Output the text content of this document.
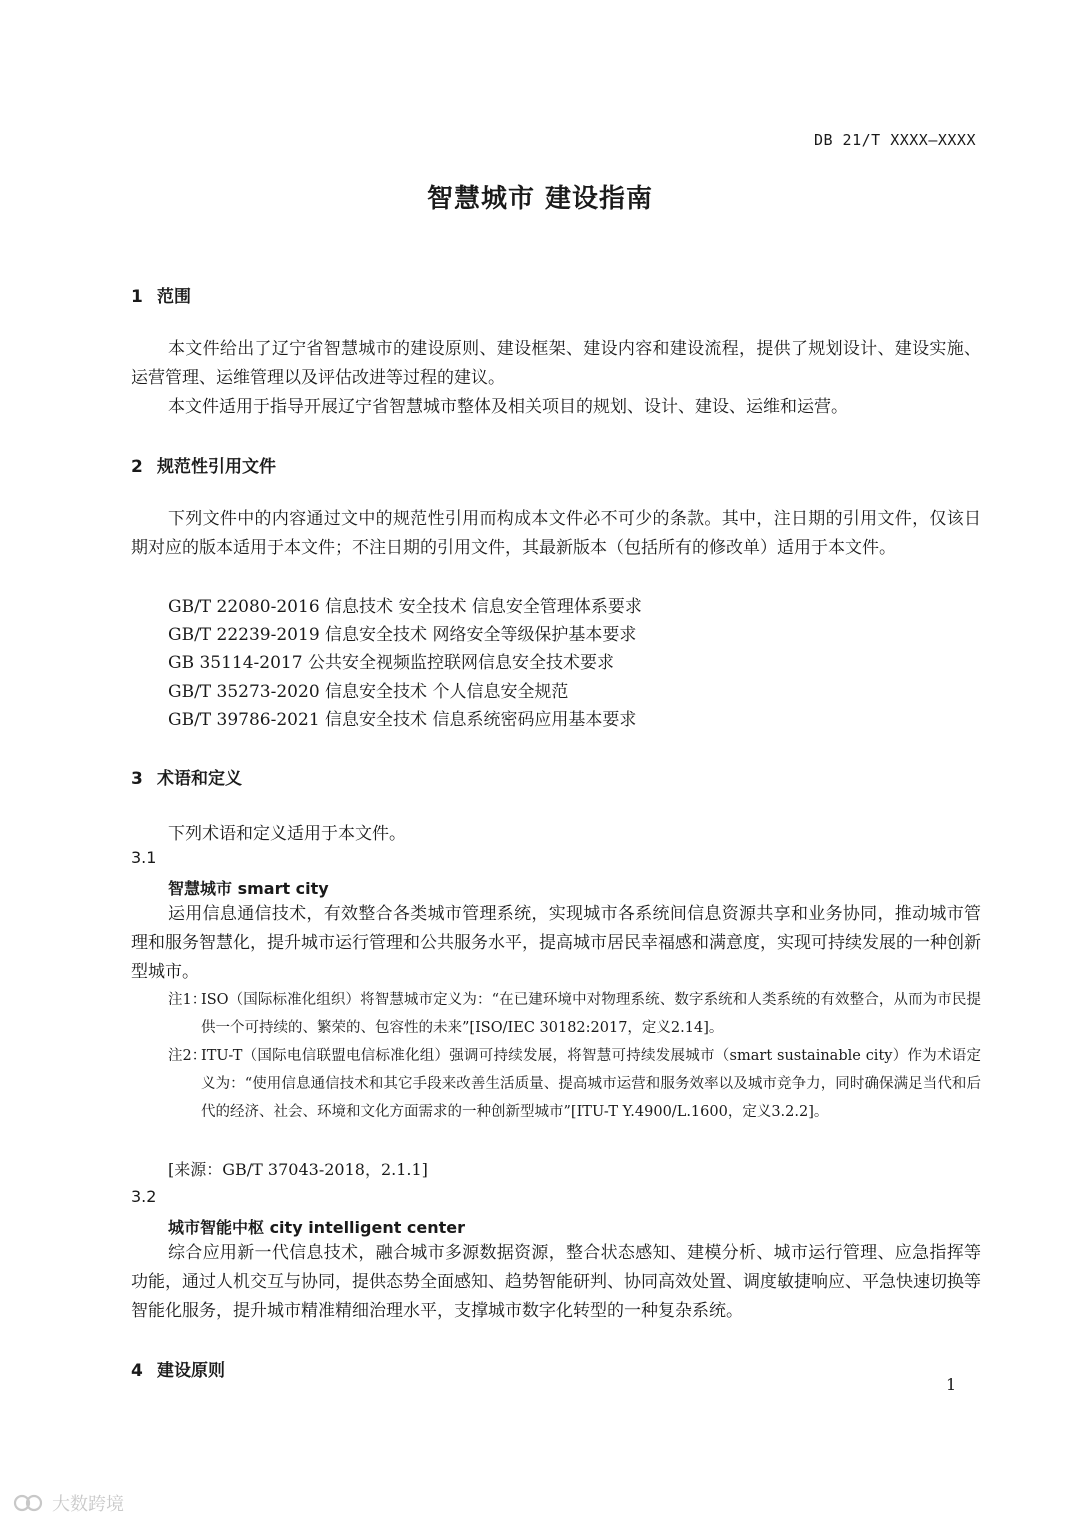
DB 21/T XXXX—XXXX
智慧城市 建设指南
1 范围

本文件给出了辽宁省智慧城市的建设原则、建设框架、建设内容和建设流程，提供了规划设计、建设实施、运营管理、运维管理以及评估改进等过程的建议。

本文件适用于指导开展辽宁省智慧城市整体及相关项目的规划、设计、建设、运维和运营。

2 规范性引用文件

下列文件中的内容通过文中的规范性引用而构成本文件必不可少的条款。其中，注日期的引用文件，仅该日期对应的版本适用于本文件；不注日期的引用文件，其最新版本（包括所有的修改单）适用于本文件。

GB/T 22080-2016 信息技术 安全技术 信息安全管理体系要求
GB/T 22239-2019 信息安全技术 网络安全等级保护基本要求
GB 35114-2017 公共安全视频监控联网信息安全技术要求
GB/T 35273-2020 信息安全技术 个人信息安全规范
GB/T 39786-2021 信息安全技术 信息系统密码应用基本要求
3 术语和定义
下列术语和定义适用于本文件。
3.1
智慧城市 smart city

运用信息通信技术，有效整合各类城市管理系统，实现城市各系统间信息资源共享和业务协同，推动城市管理和服务智慧化，提升城市运行管理和公共服务水平，提高城市居民幸福感和满意度，实现可持续发展的一种创新型城市。

注1：
ISO（国际标准化组织）将智慧城市定义为：“在已建环境中对物理系统、数字系统和人类系统的有效整合，从而为市民提供一个可持续的、繁荣的、包容性的未来”[ISO/IEC 30182:2017，定义2.14]。
注2：
ITU-T（国际电信联盟电信标准化组）强调可持续发展，将智慧可持续发展城市（smart sustainable city）作为术语定义为：“使用信息通信技术和其它手段来改善生活质量、提高城市运营和服务效率以及城市竞争力，同时确保满足当代和后代的经济、社会、环境和文化方面需求的一种创新型城市”[ITU-T Y.4900/L.1600，定义3.2.2]。
[来源：GB/T 37043-2018，2.1.1]
3.2
城市智能中枢 city intelligent center

综合应用新一代信息技术，融合城市多源数据资源，整合状态感知、建模分析、城市运行管理、应急指挥等功能，通过人机交互与协同，提供态势全面感知、趋势智能研判、协同高效处置、调度敏捷响应、平急快速切换等智能化服务，提升城市精准精细治理水平，支撑城市数字化转型的一种复杂系统。

4 建设原则
1
大数跨境
